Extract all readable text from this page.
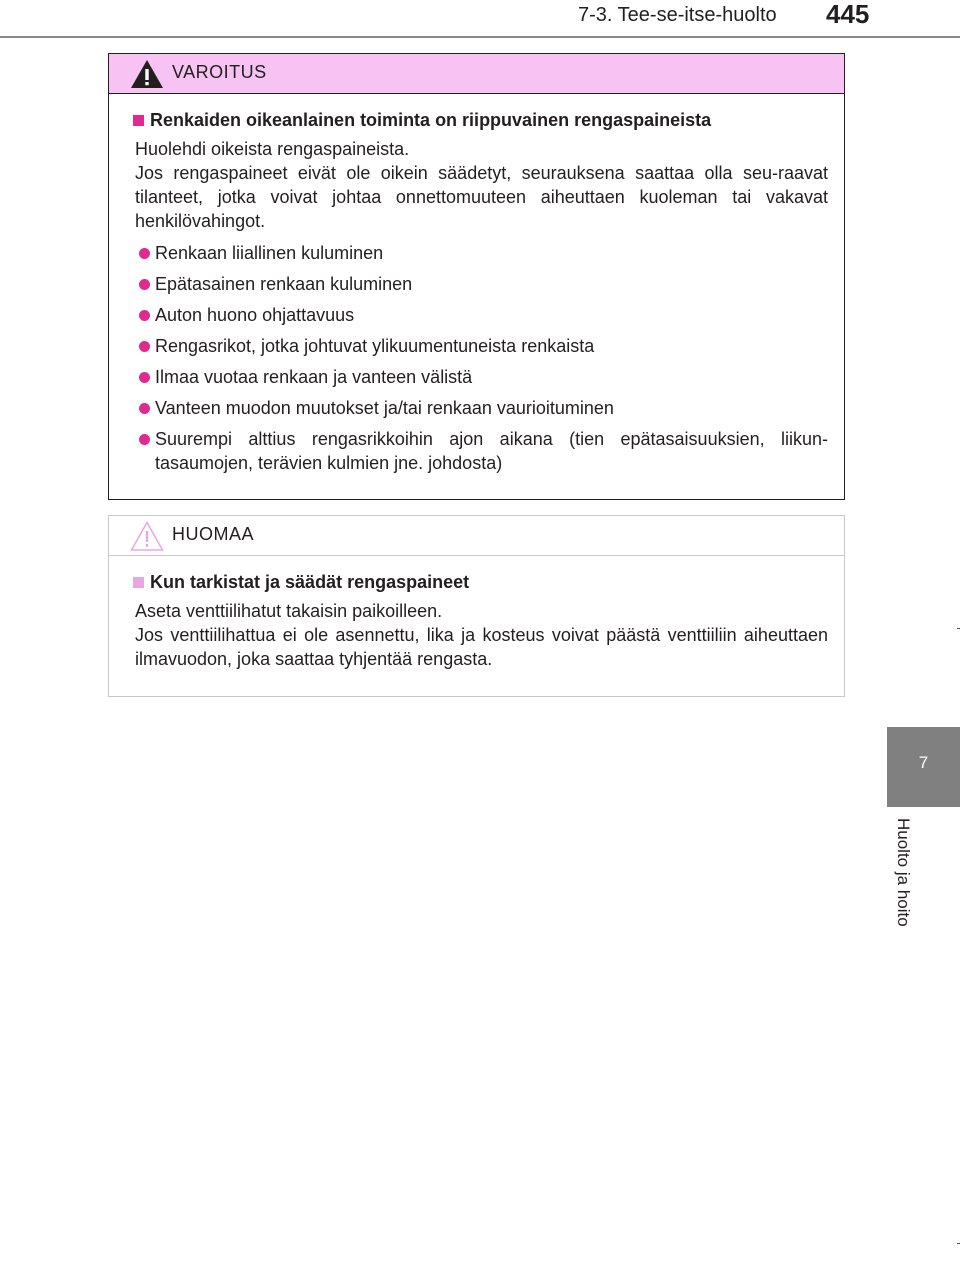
7-3. Tee-se-itse-huolto 445
7
Huolto ja hoito
VAROITUS
Renkaiden oikeanlainen toiminta on riippuvainen rengaspaineista
Huolehdi oikeista rengaspaineista.
Jos rengaspaineet eivät ole oikein säädetyt, seurauksena saattaa olla seu-raavat tilanteet, jotka voivat johtaa onnettomuuteen aiheuttaen kuoleman tai vakavat henkilövahingot.
Renkaan liiallinen kuluminen
Epätasainen renkaan kuluminen
Auton huono ohjattavuus
Rengasrikot, jotka johtuvat ylikuumentuneista renkaista
Ilmaa vuotaa renkaan ja vanteen välistä
Vanteen muodon muutokset ja/tai renkaan vaurioituminen
Suurempi alttius rengasrikkoihin ajon aikana (tien epätasaisuuksien, liikun-tasaumojen, terävien kulmien jne. johdosta)
HUOMAA
Kun tarkistat ja säädät rengaspaineet
Aseta venttiilihatut takaisin paikoilleen.
Jos venttiilihattua ei ole asennettu, lika ja kosteus voivat päästä venttiiliin aiheuttaen ilmavuodon, joka saattaa tyhjentää rengasta.
